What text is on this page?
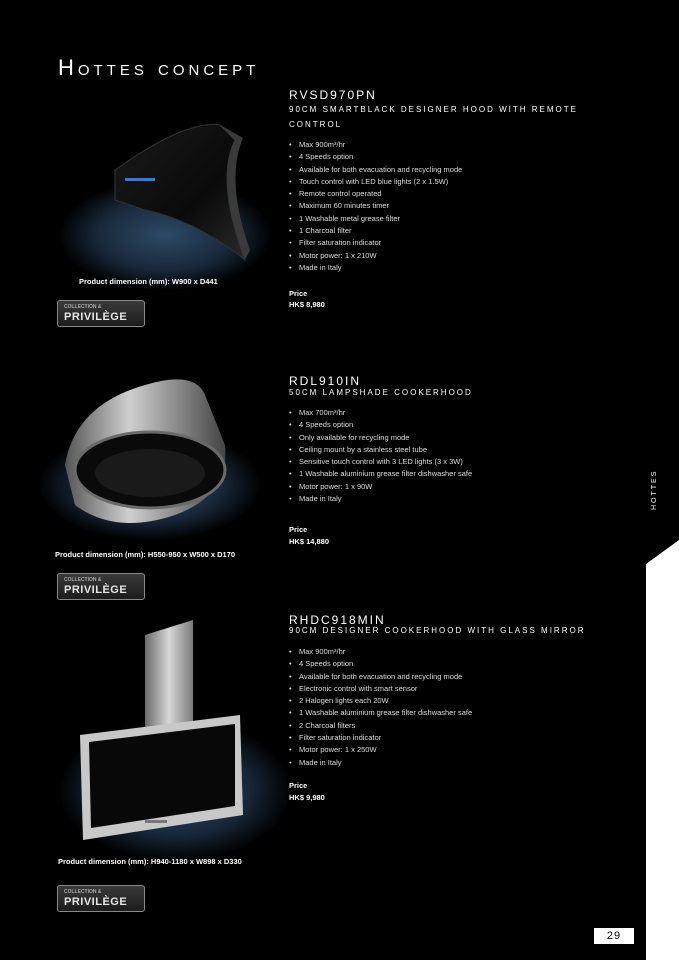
HOTTES
Hottes concept
Product dimension (mm): W900 x D441
COLLECTION &
PRIVILÈGE
RVSD970PN
90CM SMARTBLACK DESIGNER HOOD WITH REMOTE CONTROL
• Max 900m³/hr
• 4 Speeds option
• Available for both evacuation and recycling mode
• Touch control with LED blue lights (2 x 1.5W)
• Remote control operated
• Maximum 60 minutes timer
• 1 Washable metal grease filter
• 1 Charcoal filter
• Filter saturation indicator
• Motor power: 1 x 210W
• Made in Italy
Price
HK$ 8,980
Product dimension (mm): H550-950 x W500 x D170
COLLECTION &
PRIVILÈGE
RDL910IN
50CM LAMPSHADE COOKERHOOD
• Max 700m³/hr
• 4 Speeds option
• Only available for recycling mode
• Ceiling mount by a stainless steel tube
• Sensitive touch control with 3 LED lights (3 x 3W)
• 1 Washable aluminium grease filter dishwasher safe
• Motor power: 1 x 90W
• Made in Italy
Price
HK$ 14,880
Product dimension (mm): H940-1180 x W898 x D330
COLLECTION &
PRIVILÈGE
RHDC918MIN
90CM DESIGNER COOKERHOOD WITH GLASS MIRROR
• Max 900m³/hr
• 4 Speeds option
• Available for both evacuation and recycling mode
• Electronic control with smart sensor
• 2 Halogen lights each 20W
• 1 Washable aluminium grease filter dishwasher safe
• 2 Charcoal filters
• Filter saturation indicator
• Motor power: 1 x 250W
• Made in Italy
Price
HK$ 9,980
29
